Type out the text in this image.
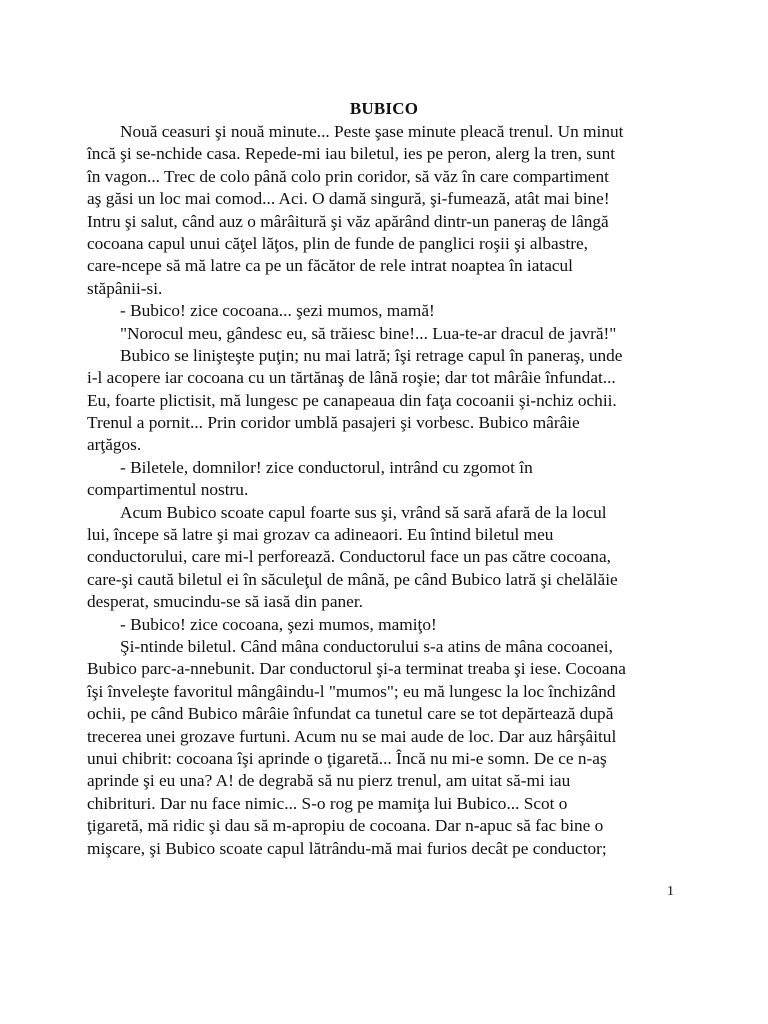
BUBICO
Nouă ceasuri şi nouă minute... Peste şase minute pleacă trenul. Un minut
încă şi se-nchide casa. Repede-mi iau biletul, ies pe peron, alerg la tren, sunt
în vagon... Trec de colo până colo prin coridor, să văz în care compartiment
aş găsi un loc mai comod... Aci. O damă singură, şi-fumează, atât mai bine!
Intru şi salut, când auz o mârâitură şi văz apărând dintr-un paneraş de lângă
cocoana capul unui căţel lăţos, plin de funde de panglici roşii şi albastre,
care-ncepe să mă latre ca pe un făcător de rele intrat noaptea în iatacul
stăpânii-si.
- Bubico! zice cocoana... şezi mumos, mamă!
"Norocul meu, gândesc eu, să trăiesc bine!... Lua-te-ar dracul de javră!"
Bubico se linişteşte puţin; nu mai latră; îşi retrage capul în paneraş, unde
i-l acopere iar cocoana cu un tărtănaş de lână roşie; dar tot mârâie înfundat...
Eu, foarte plictisit, mă lungesc pe canapeaua din faţa cocoanii şi-nchiz ochii.
Trenul a pornit... Prin coridor umblă pasajeri şi vorbesc. Bubico mârâie
arţăgos.
- Biletele, domnilor! zice conductorul, intrând cu zgomot în
compartimentul nostru.
Acum Bubico scoate capul foarte sus şi, vrând să sară afară de la locul
lui, începe să latre şi mai grozav ca adineaori. Eu întind biletul meu
conductorului, care mi-l perforează. Conductorul face un pas către cocoana,
care-şi caută biletul ei în săculeţul de mână, pe când Bubico latră şi chelălăie
desperat, smucindu-se să iasă din paner.
- Bubico! zice cocoana, şezi mumos, mamiţo!
Şi-ntinde biletul. Când mâna conductorului s-a atins de mâna cocoanei,
Bubico parc-a-nnebunit. Dar conductorul şi-a terminat treaba şi iese. Cocoana
îşi înveleşte favoritul mângâindu-l "mumos"; eu mă lungesc la loc închizând
ochii, pe când Bubico mârâie înfundat ca tunetul care se tot depărtează după
trecerea unei grozave furtuni. Acum nu se mai aude de loc. Dar auz hârşâitul
unui chibrit: cocoana îşi aprinde o ţigaretă... Încă nu mi-e somn. De ce n-aş
aprinde şi eu una? A! de degrabă să nu pierz trenul, am uitat să-mi iau
chibrituri. Dar nu face nimic... S-o rog pe mamiţa lui Bubico... Scot o
ţigaretă, mă ridic şi dau să m-apropiu de cocoana. Dar n-apuc să fac bine o
mişcare, şi Bubico scoate capul lătrându-mă mai furios decât pe conductor;
1
